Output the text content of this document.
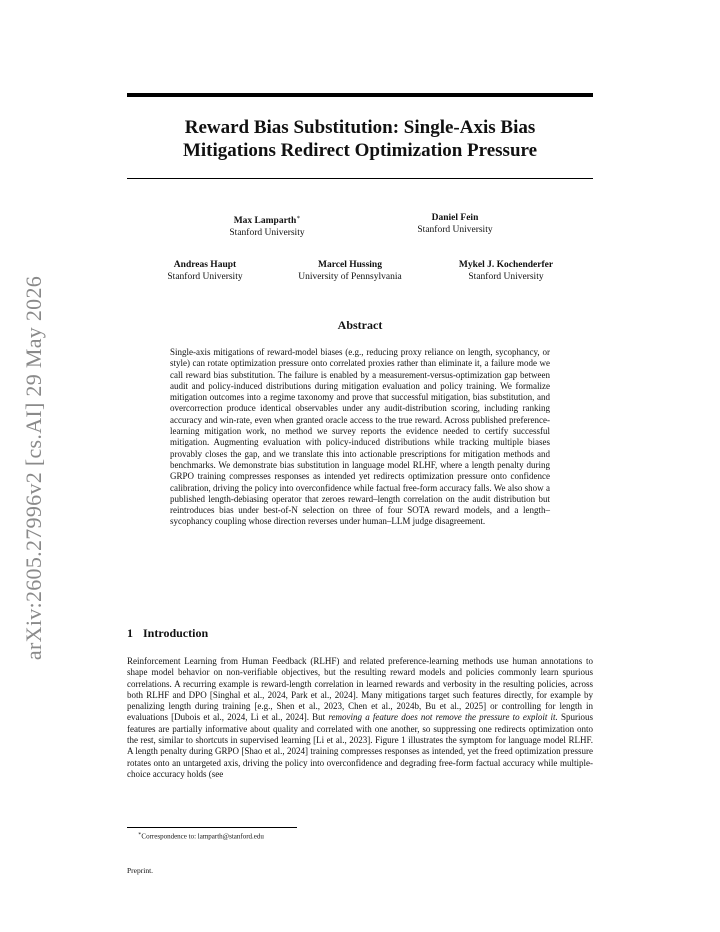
arXiv:2605.27996v2 [cs.AI] 29 May 2026
Reward Bias Substitution: Single-Axis Bias
Mitigations Redirect Optimization Pressure
Max Lamparth∗
Stanford University
Daniel Fein
Stanford University
Andreas Haupt
Stanford University
Marcel Hussing
University of Pennsylvania
Mykel J. Kochenderfer
Stanford University
Abstract
Single-axis mitigations of reward-model biases (e.g., reducing proxy reliance on length, sycophancy, or style) can rotate optimization pressure onto correlated proxies rather than eliminate it, a failure mode we call reward bias substitution. The failure is enabled by a measurement-versus-optimization gap between audit and policy-induced distributions during mitigation evaluation and policy training. We formalize mitigation outcomes into a regime taxonomy and prove that successful mitigation, bias substitution, and overcorrection produce identical observables under any audit-distribution scoring, including ranking accuracy and win-rate, even when granted oracle access to the true reward. Across published preference-learning mitigation work, no method we survey reports the evidence needed to certify successful mitigation. Augmenting evaluation with policy-induced distributions while tracking multiple biases provably closes the gap, and we translate this into actionable prescriptions for mitigation methods and benchmarks. We demonstrate bias substitution in language model RLHF, where a length penalty during GRPO training compresses responses as intended yet redirects optimization pressure onto confidence calibration, driving the policy into overconfidence while factual free-form accuracy falls. We also show a published length-debiasing operator that zeroes reward–length correlation on the audit distribution but reintroduces bias under best-of-N selection on three of four SOTA reward models, and a length–sycophancy coupling whose direction reverses under human–LLM judge disagreement.
1 Introduction
Reinforcement Learning from Human Feedback (RLHF) and related preference-learning methods use human annotations to shape model behavior on non-verifiable objectives, but the resulting reward models and policies commonly learn spurious correlations. A recurring example is reward-length correlation in learned rewards and verbosity in the resulting policies, across both RLHF and DPO [Singhal et al., 2024, Park et al., 2024]. Many mitigations target such features directly, for example by penalizing length during training [e.g., Shen et al., 2023, Chen et al., 2024b, Bu et al., 2025] or controlling for length in evaluations [Dubois et al., 2024, Li et al., 2024]. But removing a feature does not remove the pressure to exploit it. Spurious features are partially informative about quality and correlated with one another, so suppressing one redirects optimization onto the rest, similar to shortcuts in supervised learning [Li et al., 2023]. Figure 1 illustrates the symptom for language model RLHF. A length penalty during GRPO [Shao et al., 2024] training compresses responses as intended, yet the freed optimization pressure rotates onto an untargeted axis, driving the policy into overconfidence and degrading free-form factual accuracy while multiple-choice accuracy holds (see
∗Correspondence to: lamparth@stanford.edu
Preprint.
